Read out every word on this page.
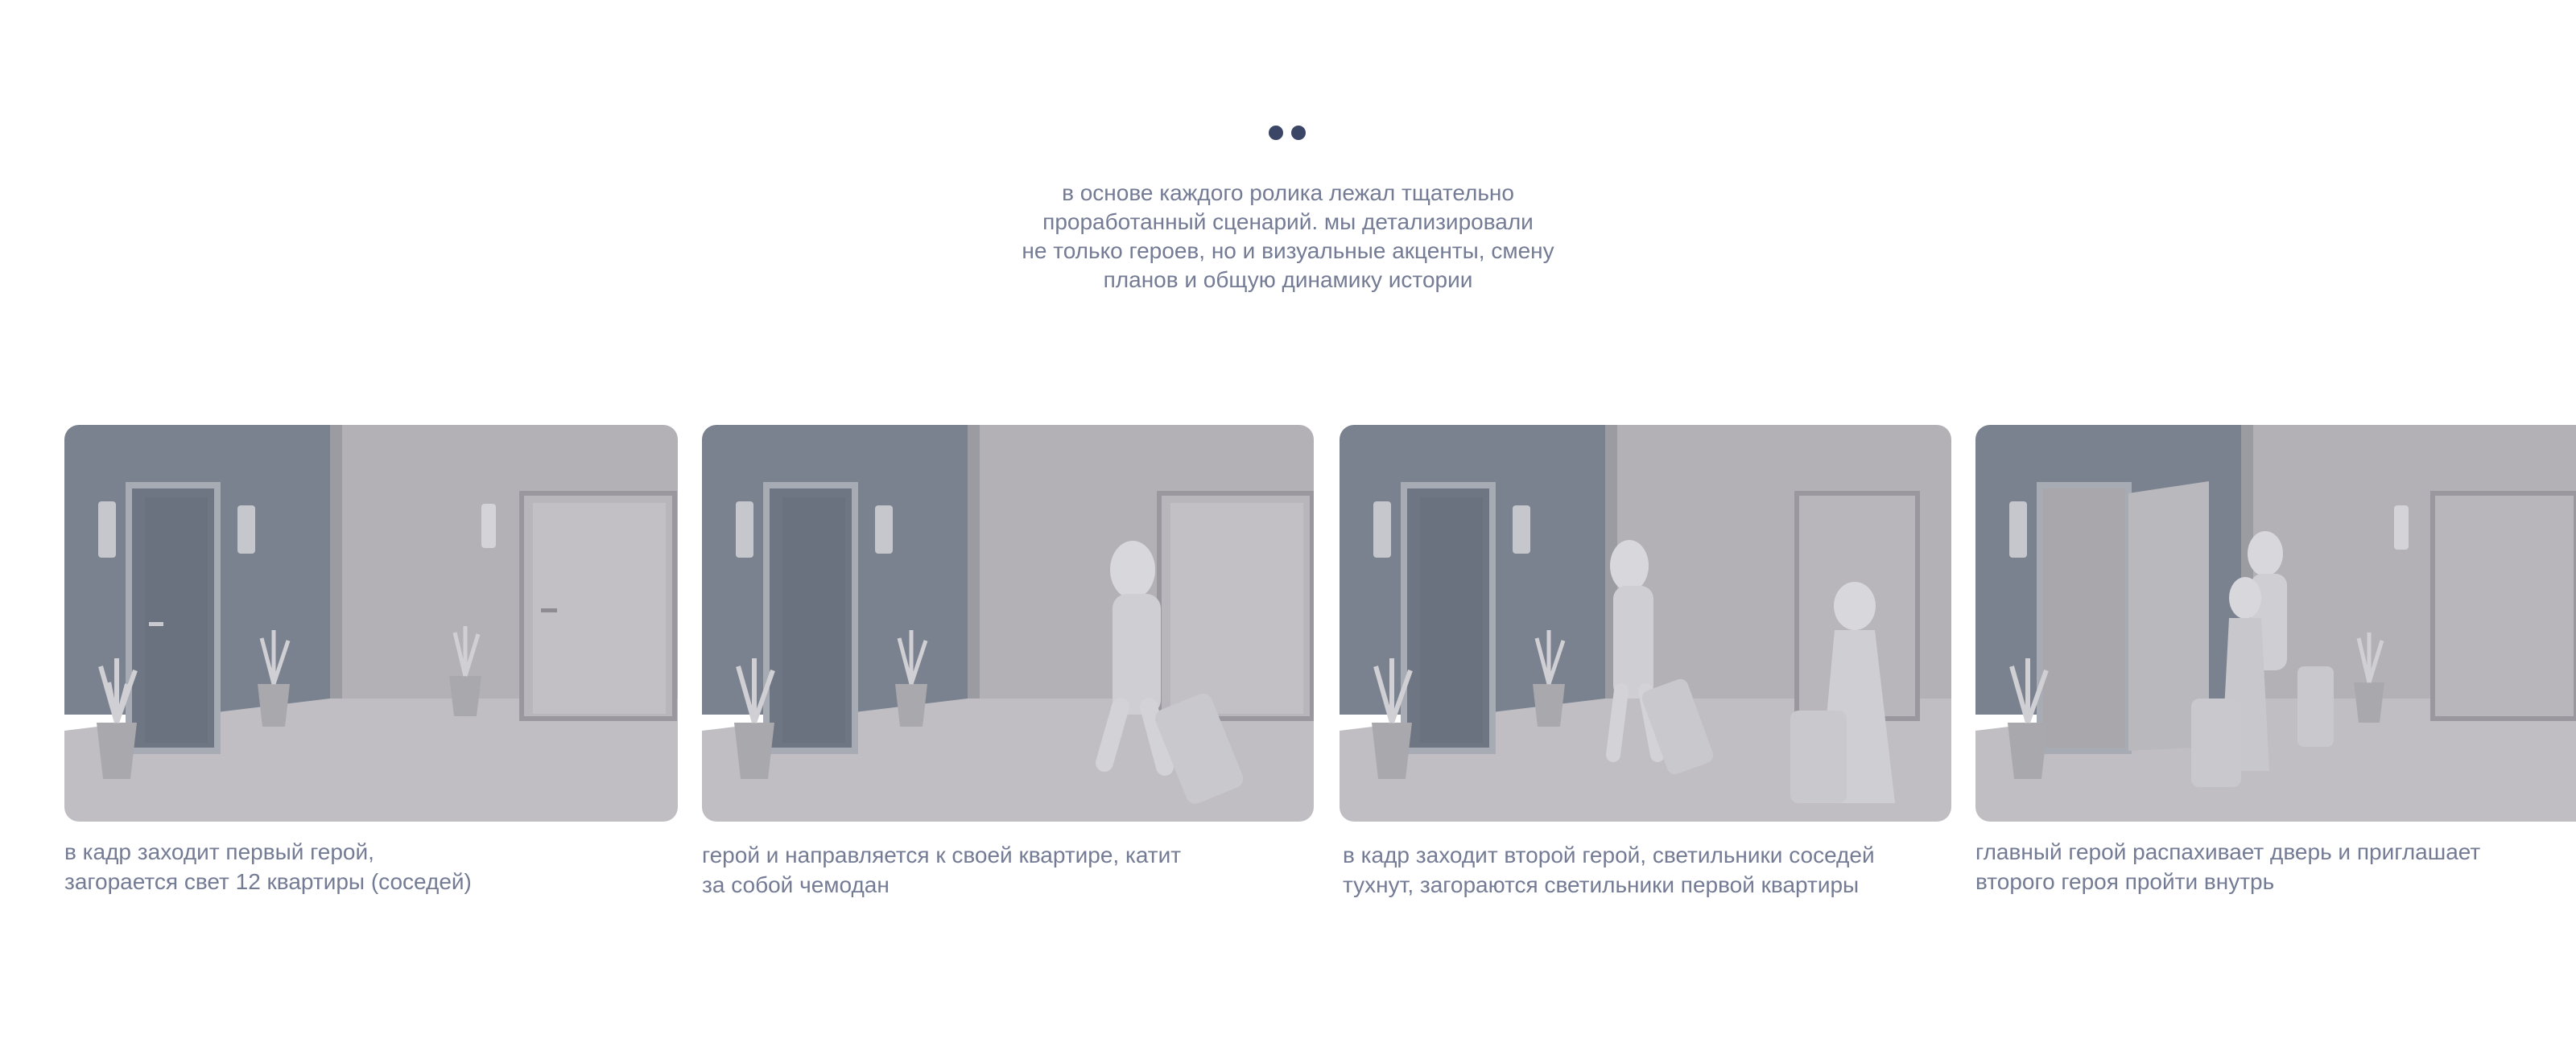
в основе каждого ролика лежал тщательно
проработанный сценарий. мы детализировали
не только героев, но и визуальные акценты, смену
планов и общую динамику истории

в кадр заходит первый герой,
загорается свет 12 квартиры (соседей)

герой и направляется к своей квартире, катит
за собой чемодан

в кадр заходит второй герой, светильники соседей
тухнут, загораются светильники первой квартиры

главный герой распахивает дверь и приглашает
второго героя пройти внутрь
